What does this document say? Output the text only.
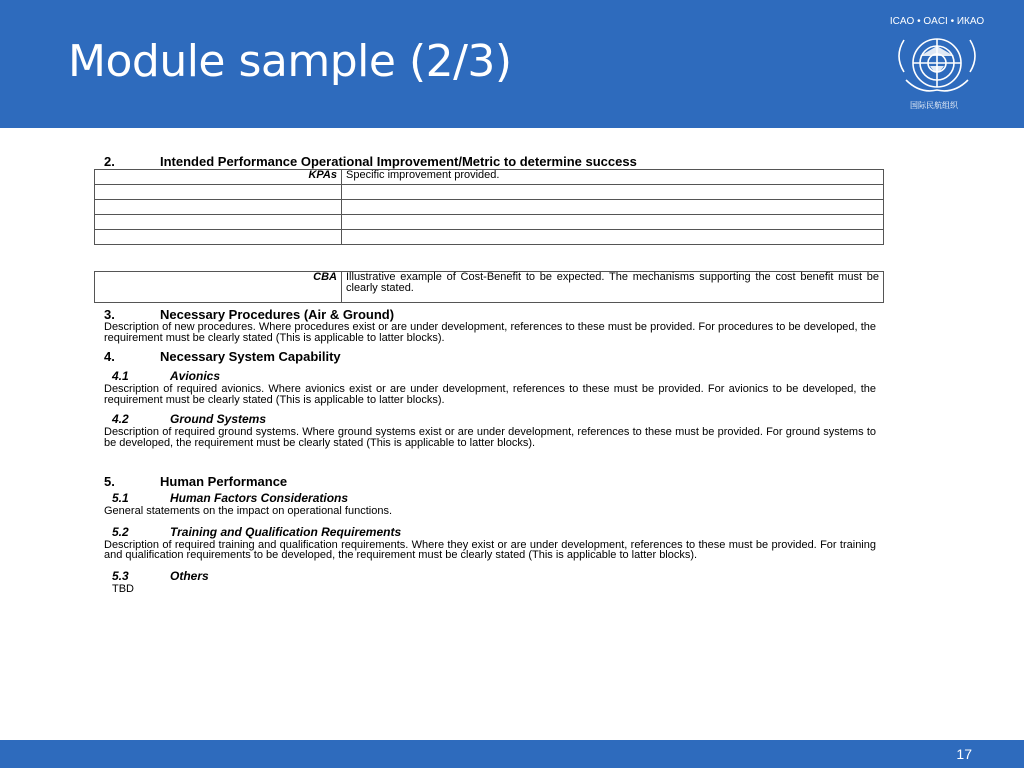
Module sample (2/3)
ICAO • OACI • ИКАО
国际民航组织
2.	Intended Performance Operational Improvement/Metric to determine success
KPAs	Specific improvement provided.

CBA	Illustrative example of Cost-Benefit to be expected. The mechanisms supporting the cost benefit must be clearly stated.
3.	Necessary Procedures (Air & Ground)
Description of new procedures. Where procedures exist or are under development, references to these must be provided. For procedures to be developed, the requirement must be clearly stated (This is applicable to latter blocks).
4.	Necessary System Capability
4.1	Avionics
Description of required avionics. Where avionics exist or are under development, references to these must be provided. For avionics to be developed, the requirement must be clearly stated (This is applicable to latter blocks).
4.2	Ground Systems
Description of required ground systems. Where ground systems exist or are under development, references to these must be provided. For ground systems to be developed, the requirement must be clearly stated (This is applicable to latter blocks).
5.	Human Performance
5.1	Human Factors Considerations
General statements on the impact on operational functions.
5.2	Training and Qualification Requirements
Description of required training and qualification requirements. Where they exist or are under development, references to these must be provided. For training and qualification requirements to be developed, the requirement must be clearly stated (This is applicable to latter blocks).
5.3	Others
TBD
17
